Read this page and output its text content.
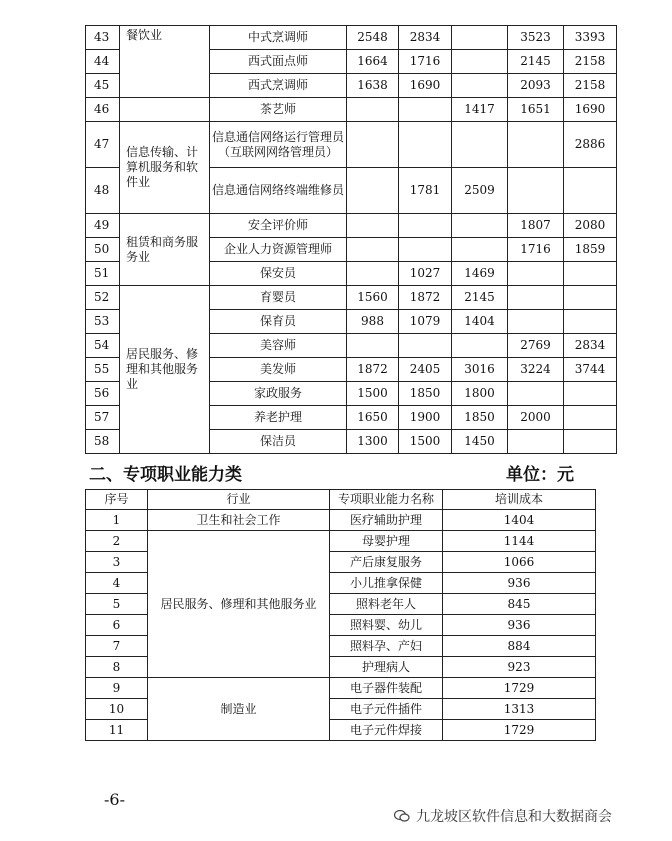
43	餐饮业	中式烹调师	2548	2834		3523	3393
44		西式面点师	1664	1716		2145	2158
45		西式烹调师	1638	1690		2093	2158
46		茶艺师			1417	1651	1690
47	信息传输、计算机服务和软件业	信息通信网络运行管理员（互联网网络管理员）					2886
48		信息通信网络终端维修员		1781	2509		
49	租赁和商务服务业	安全评价师				1807	2080
50		企业人力资源管理师				1716	1859
51		保安员		1027	1469		
52	居民服务、修理和其他服务业	育婴员	1560	1872	2145		
53		保育员	988	1079	1404		
54		美容师				2769	2834
55		美发师	1872	2405	3016	3224	3744
56		家政服务	1500	1850	1800		
57		养老护理	1650	1900	1850	2000	
58		保洁员	1300	1500	1450		
二、专项职业能力类	单位：元
序号	行业	专项职业能力名称	培训成本
1	卫生和社会工作	医疗辅助护理	1404
2	居民服务、修理和其他服务业	母婴护理	1144
3		产后康复服务	1066
4		小儿推拿保健	936
5		照料老年人	845
6		照料婴、幼儿	936
7		照料孕、产妇	884
8		护理病人	923
9	制造业	电子器件装配	1729
10		电子元件插件	1313
11		电子元件焊接	1729
-6-
九龙坡区软件信息和大数据商会
